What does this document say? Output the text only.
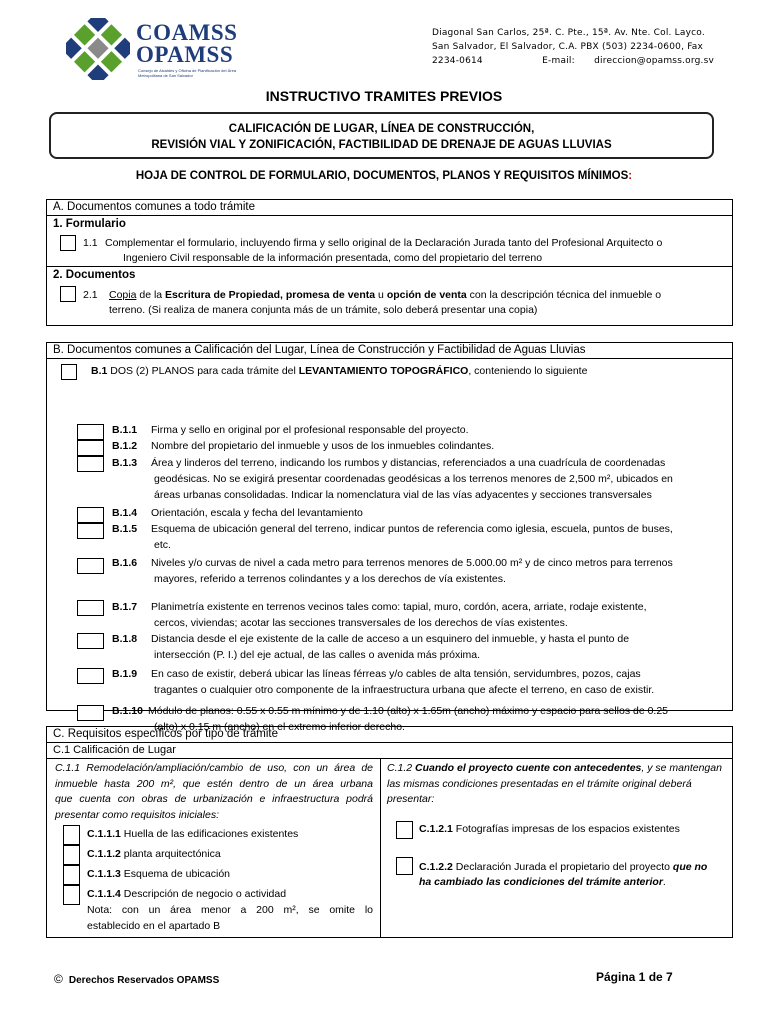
COAMSS
OPAMSS
Consejo de Alcaldes y Oficina de Planificación del Área Metropolitana de San Salvador
Diagonal San Carlos, 25ª. C. Pte., 15ª. Av. Nte. Col. Layco.
San Salvador, El Salvador, C.A. PBX (503) 2234-0600, Fax
2234-0614	E-mail: direccion@opamss.org.sv
INSTRUCTIVO TRAMITES PREVIOS
CALIFICACIÓN DE LUGAR, LÍNEA DE CONSTRUCCIÓN,
REVISIÓN VIAL Y ZONIFICACIÓN, FACTIBILIDAD DE DRENAJE DE AGUAS LLUVIAS
HOJA DE CONTROL DE FORMULARIO, DOCUMENTOS, PLANOS Y REQUISITOS MÍNIMOS:
A. Documentos comunes a todo trámite
1. Formulario
1.1 Complementar el formulario, incluyendo firma y sello original de la Declaración Jurada tanto del Profesional Arquitecto o
Ingeniero Civil responsable de la información presentada, como del propietario del terreno
2. Documentos
2.1 Copia de la Escritura de Propiedad, promesa de venta u opción de venta con la descripción técnica del inmueble o
terreno. (Si realiza de manera conjunta más de un trámite, solo deberá presentar una copia)
B. Documentos comunes a Calificación del Lugar, Línea de Construcción y Factibilidad de Aguas Lluvias
B.1 DOS (2) PLANOS para cada trámite del LEVANTAMIENTO TOPOGRÁFICO, conteniendo lo siguiente
B.1.1 Firma y sello en original por el profesional responsable del proyecto.
B.1.2 Nombre del propietario del inmueble y usos de los inmuebles colindantes.
B.1.3 Área y linderos del terreno, indicando los rumbos y distancias, referenciados a una cuadrícula de coordenadas
geodésicas. No se exigirá presentar coordenadas geodésicas a los terrenos menores de 2,500 m², ubicados en
áreas urbanas consolidadas. Indicar la nomenclatura vial de las vías adyacentes y secciones transversales
B.1.4 Orientación, escala y fecha del levantamiento
B.1.5 Esquema de ubicación general del terreno, indicar puntos de referencia como iglesia, escuela, puntos de buses,
etc.
B.1.6 Niveles y/o curvas de nivel a cada metro para terrenos menores de 5.000.00 m² y de cinco metros para terrenos
mayores, referido a terrenos colindantes y a los derechos de vía existentes.
B.1.7 Planimetría existente en terrenos vecinos tales como: tapial, muro, cordón, acera, arriate, rodaje existente,
cercos, viviendas; acotar las secciones transversales de los derechos de vías existentes.
B.1.8 Distancia desde el eje existente de la calle de acceso a un esquinero del inmueble, y hasta el punto de
intersección (P. I.) del eje actual, de las calles o avenida más próxima.
B.1.9 En caso de existir, deberá ubicar las líneas férreas y/o cables de alta tensión, servidumbres, pozos, cajas
tragantes o cualquier otro componente de la infraestructura urbana que afecte el terreno, en caso de existir.
B.1.10 Módulo de planos: 0.55 x 0.55 m mínimo y de 1.10 (alto) x 1.65m (ancho) máximo y espacio para sellos de 0.25
(alto) x 0.15 m (ancho) en el extremo inferior derecho.
C. Requisitos específicos por tipo de trámite
C.1 Calificación de Lugar
C.1.1 Remodelación/ampliación/cambio de uso, con un área de
inmueble hasta 200 m², que estén dentro de un área urbana
que cuenta con obras de urbanización e infraestructura podrá
presentar como requisitos iniciales:
C.1.1.1 Huella de las edificaciones existentes
C.1.1.2 planta arquitectónica
C.1.1.3 Esquema de ubicación
C.1.1.4 Descripción de negocio o actividad
Nota: con un área menor a 200 m², se omite lo
establecido en el apartado B
C.1.2 Cuando el proyecto cuente con antecedentes, y se mantengan
las mismas condiciones presentadas en el trámite original deberá
presentar:
C.1.2.1 Fotografías impresas de los espacios existentes
C.1.2.2 Declaración Jurada el propietario del proyecto que no
ha cambiado las condiciones del trámite anterior.
© Derechos Reservados OPAMSS	Página 1 de 7
